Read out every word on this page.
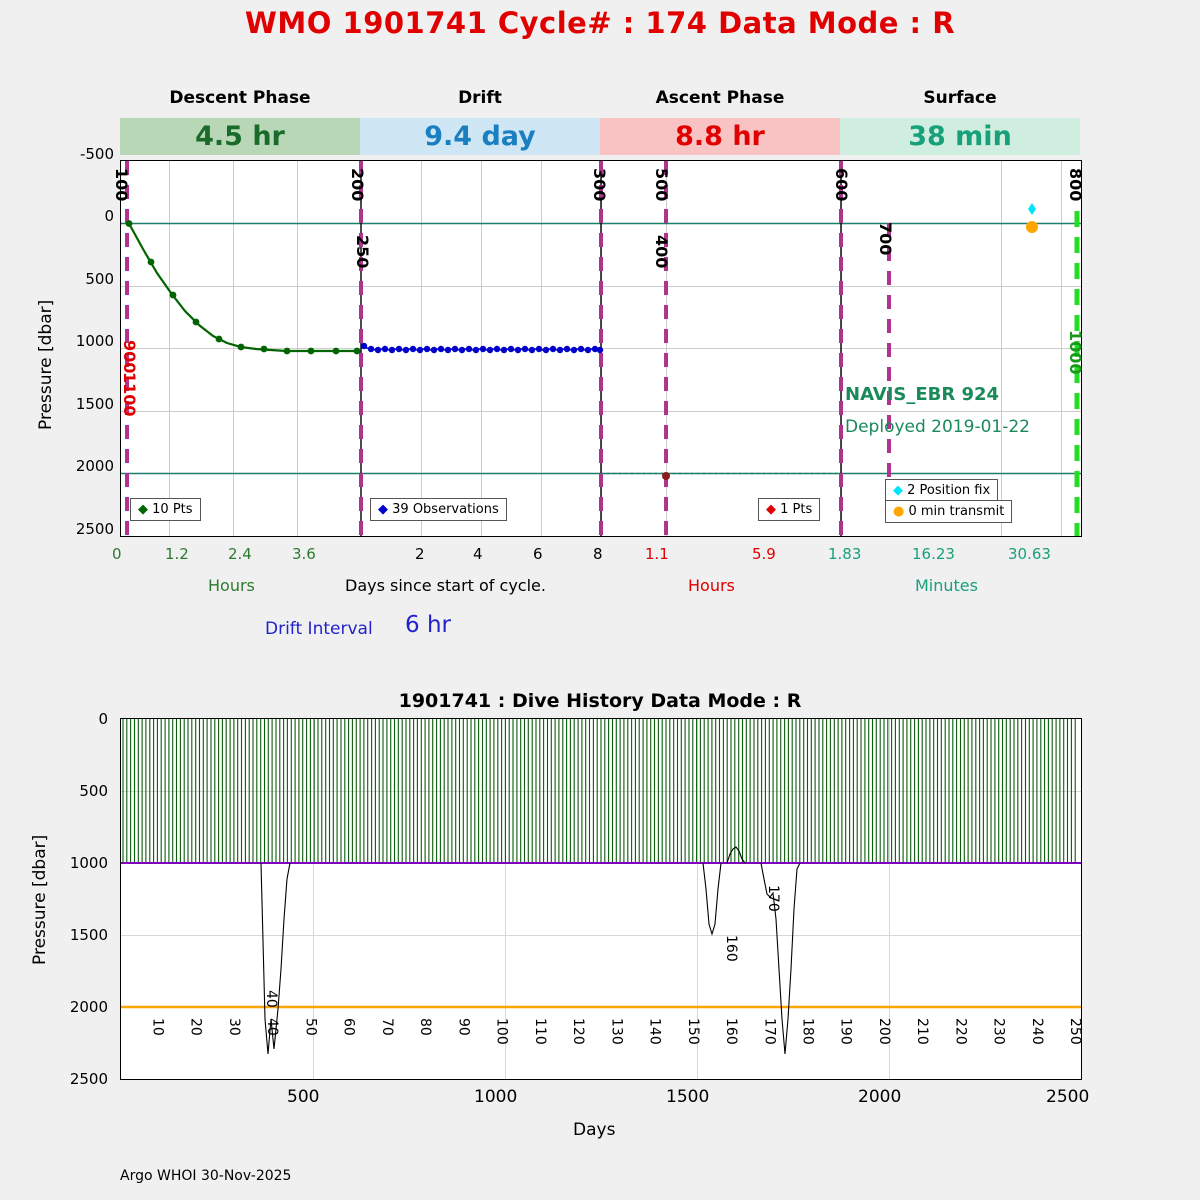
WMO 1901741 Cycle# : 174 Data Mode : R
Descent Phase	Drift	Ascent Phase	Surface
4.5 hr	9.4 day	8.8 hr	38 min
-500
0
500
1000
1500
2000
2500
Pressure [dbar]
100	200
250
300
400
500	600
700
800
900	1000
1100	NAVIS_EBR 924
Deployed 2019-01-22
◆ 10 Pts	◆ 39 Observations	◆ 1 Pts
◆ 2 Position fix
● 0 min transmit
0	1.2	2.4	3.6	2	4	6	8	1.1	5.9	1.83	16.23	30.63
Hours	Days since start of cycle.	Hours	Minutes
Drift Interval 6 hr
1901741 : Dive History Data Mode : R
0
500
1000
1500
2000
2500
Pressure [dbar]
500	1000	1500	2000	2500
Days
10 20 30 40 50 60 70 80 90 100 110 120 130 140 150 160 170 180 190 200 210 220 230 240 250
160
170
40
Argo WHOI 30-Nov-2025
